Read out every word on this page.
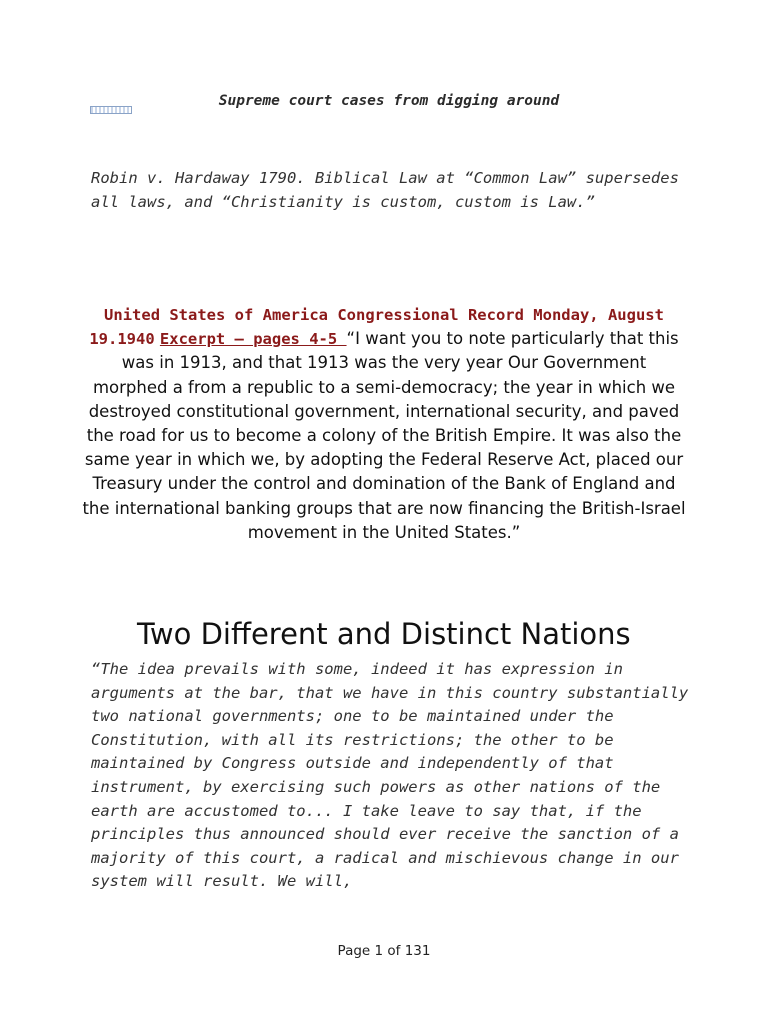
Supreme court cases from digging around

Robin v. Hardaway 1790. Biblical Law at “Common Law” supersedes all laws, and “Christianity is custom, custom is Law.”

United States of America Congressional Record Monday, August 19.1940 Excerpt – pages 4-5 “I want you to note particularly that this was in 1913, and that 1913 was the very year Our Government morphed a from a republic to a semi-democracy; the year in which we destroyed constitutional government, international security, and paved the road for us to become a colony of the British Empire. It was also the same year in which we, by adopting the Federal Reserve Act, placed our Treasury under the control and domination of the Bank of England and the international banking groups that are now financing the British-Israel movement in the United States.”

Two Different and Distinct Nations

“The idea prevails with some, indeed it has expression in arguments at the bar, that we have in this country substantially two national governments; one to be maintained under the Constitution, with all its restrictions; the other to be maintained by Congress outside and independently of that instrument, by exercising such powers as other nations of the earth are accustomed to... I take leave to say that, if the principles thus announced should ever receive the sanction of a majority of this court, a radical and mischievous change in our system will result. We will,

Page 1 of 131
